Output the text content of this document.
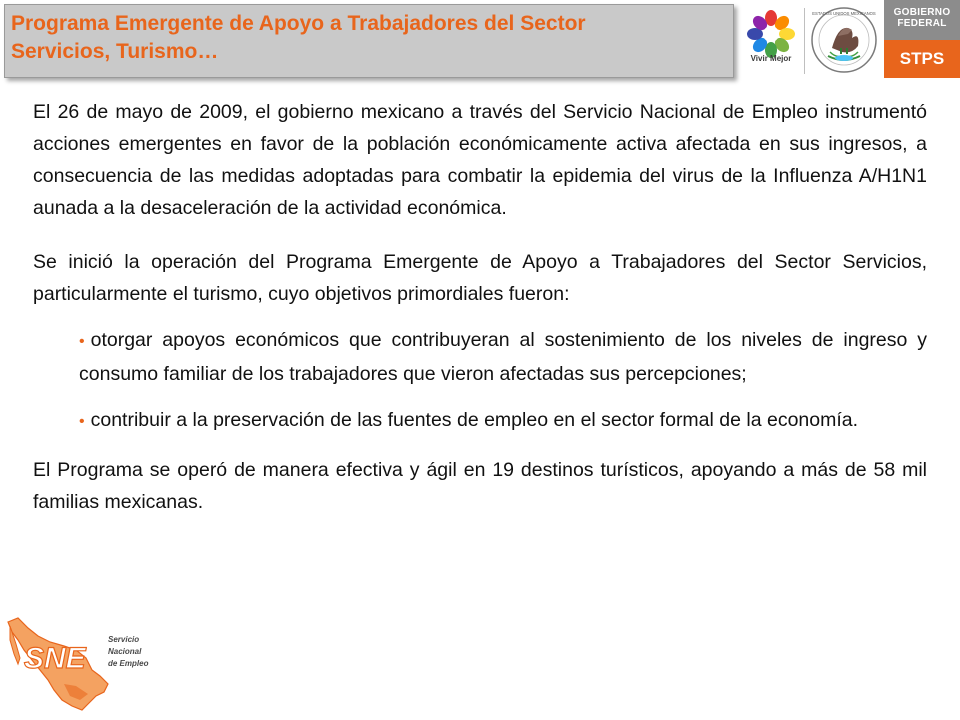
Programa Emergente de Apoyo a Trabajadores del Sector
Servicios, Turismo…	Vivir Mejor
ESTADOS UNIDOS MEXICANOS	GOBIERNO
FEDERAL
STPS

El 26 de mayo de 2009, el gobierno mexicano a través del Servicio Nacional de Empleo instrumentó acciones emergentes en favor de la población económicamente activa afectada en sus ingresos, a consecuencia de las medidas adoptadas para combatir la epidemia del virus de la Influenza A/H1N1 aunada a la desaceleración de la actividad económica.

Se inició la operación del Programa Emergente de Apoyo a Trabajadores del Sector Servicios, particularmente el turismo, cuyo objetivos primordiales fueron:

• otorgar apoyos económicos que contribuyeran al sostenimiento de los niveles de ingreso y consumo familiar de los trabajadores que vieron afectadas sus percepciones;
• contribuir a la preservación de las fuentes de empleo en el sector formal de la economía.

El Programa se operó de manera efectiva y ágil en 19 destinos turísticos, apoyando a más de 58 mil familias mexicanas.

SNE
Servicio
Nacional
de Empleo
